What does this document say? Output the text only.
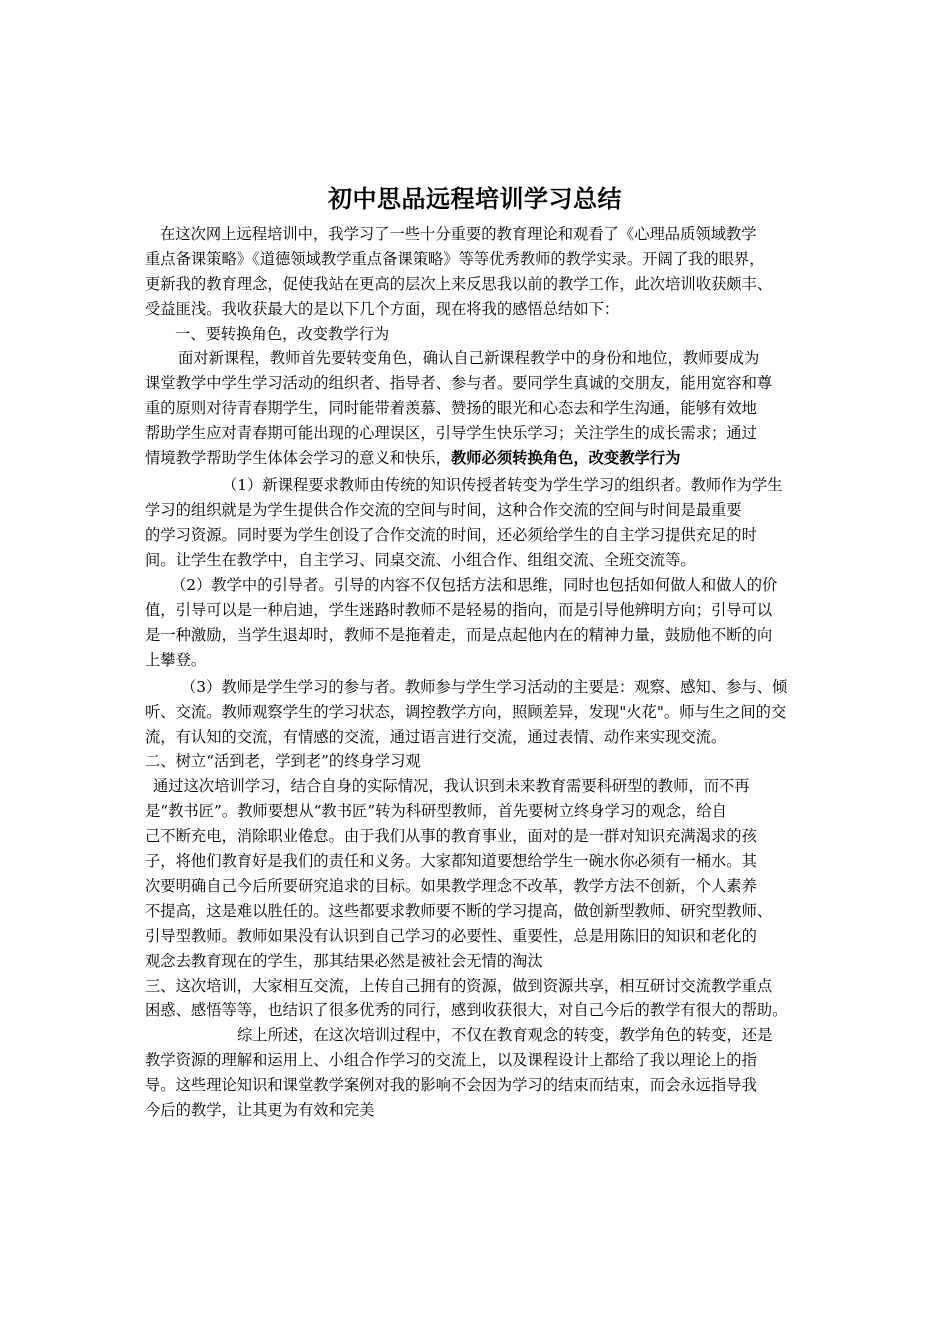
初中思品远程培训学习总结
在这次网上远程培训中，我学习了一些十分重要的教育理论和观看了《心理品质领域教学
重点备课策略》《道德领域教学重点备课策略》等等优秀教师的教学实录。开阔了我的眼界，
更新我的教育理念，促使我站在更高的层次上来反思我以前的教学工作，此次培训收获颇丰、
受益匪浅。我收获最大的是以下几个方面，现在将我的感悟总结如下：
一、要转换角色，改变教学行为
面对新课程，教师首先要转变角色，确认自己新课程教学中的身份和地位，教师要成为
课堂教学中学生学习活动的组织者、指导者、参与者。要同学生真诚的交朋友，能用宽容和尊
重的原则对待青春期学生，同时能带着羡慕、赞扬的眼光和心态去和学生沟通，能够有效地
帮助学生应对青春期可能出现的心理误区，引导学生快乐学习；关注学生的成长需求；通过
情境教学帮助学生体体会学习的意义和快乐，教师必须转换角色，改变教学行为
（1）新课程要求教师由传统的知识传授者转变为学生学习的组织者。教师作为学生
学习的组织就是为学生提供合作交流的空间与时间，这种合作交流的空间与时间是最重要
的学习资源。同时要为学生创设了合作交流的时间，还必须给学生的自主学习提供充足的时
间。让学生在教学中，自主学习、同桌交流、小组合作、组组交流、全班交流等。
（2）教学中的引导者。引导的内容不仅包括方法和思维，同时也包括如何做人和做人的价
值，引导可以是一种启迪，学生迷路时教师不是轻易的指向，而是引导他辨明方向；引导可以
是一种激励，当学生退却时，教师不是拖着走，而是点起他内在的精神力量，鼓励他不断的向
上攀登。
（3）教师是学生学习的参与者。教师参与学生学习活动的主要是：观察、感知、参与、倾
听、交流。教师观察学生的学习状态，调控教学方向，照顾差异，发现"火花"。师与生之间的交
流，有认知的交流，有情感的交流，通过语言进行交流，通过表情、动作来实现交流。
二、树立“活到老，学到老”的终身学习观
通过这次培训学习，结合自身的实际情况，我认识到未来教育需要科研型的教师，而不再
是“教书匠”。教师要想从“教书匠”转为科研型教师，首先要树立终身学习的观念，给自
己不断充电，消除职业倦怠。由于我们从事的教育事业，面对的是一群对知识充满渴求的孩
子，将他们教育好是我们的责任和义务。大家都知道要想给学生一碗水你必须有一桶水。其
次要明确自己今后所要研究追求的目标。如果教学理念不改革，教学方法不创新，个人素养
不提高，这是难以胜任的。这些都要求教师要不断的学习提高，做创新型教师、研究型教师、
引导型教师。教师如果没有认识到自己学习的必要性、重要性，总是用陈旧的知识和老化的
观念去教育现在的学生，那其结果必然是被社会无情的淘汰
三、这次培训，大家相互交流，上传自己拥有的资源，做到资源共享，相互研讨交流教学重点
困惑、感悟等等，也结识了很多优秀的同行，感到收获很大，对自己今后的教学有很大的帮助。
综上所述，在这次培训过程中，不仅在教育观念的转变，教学角色的转变，还是
教学资源的理解和运用上、小组合作学习的交流上，以及课程设计上都给了我以理论上的指
导。这些理论知识和课堂教学案例对我的影响不会因为学习的结束而结束，而会永远指导我
今后的教学，让其更为有效和完美
